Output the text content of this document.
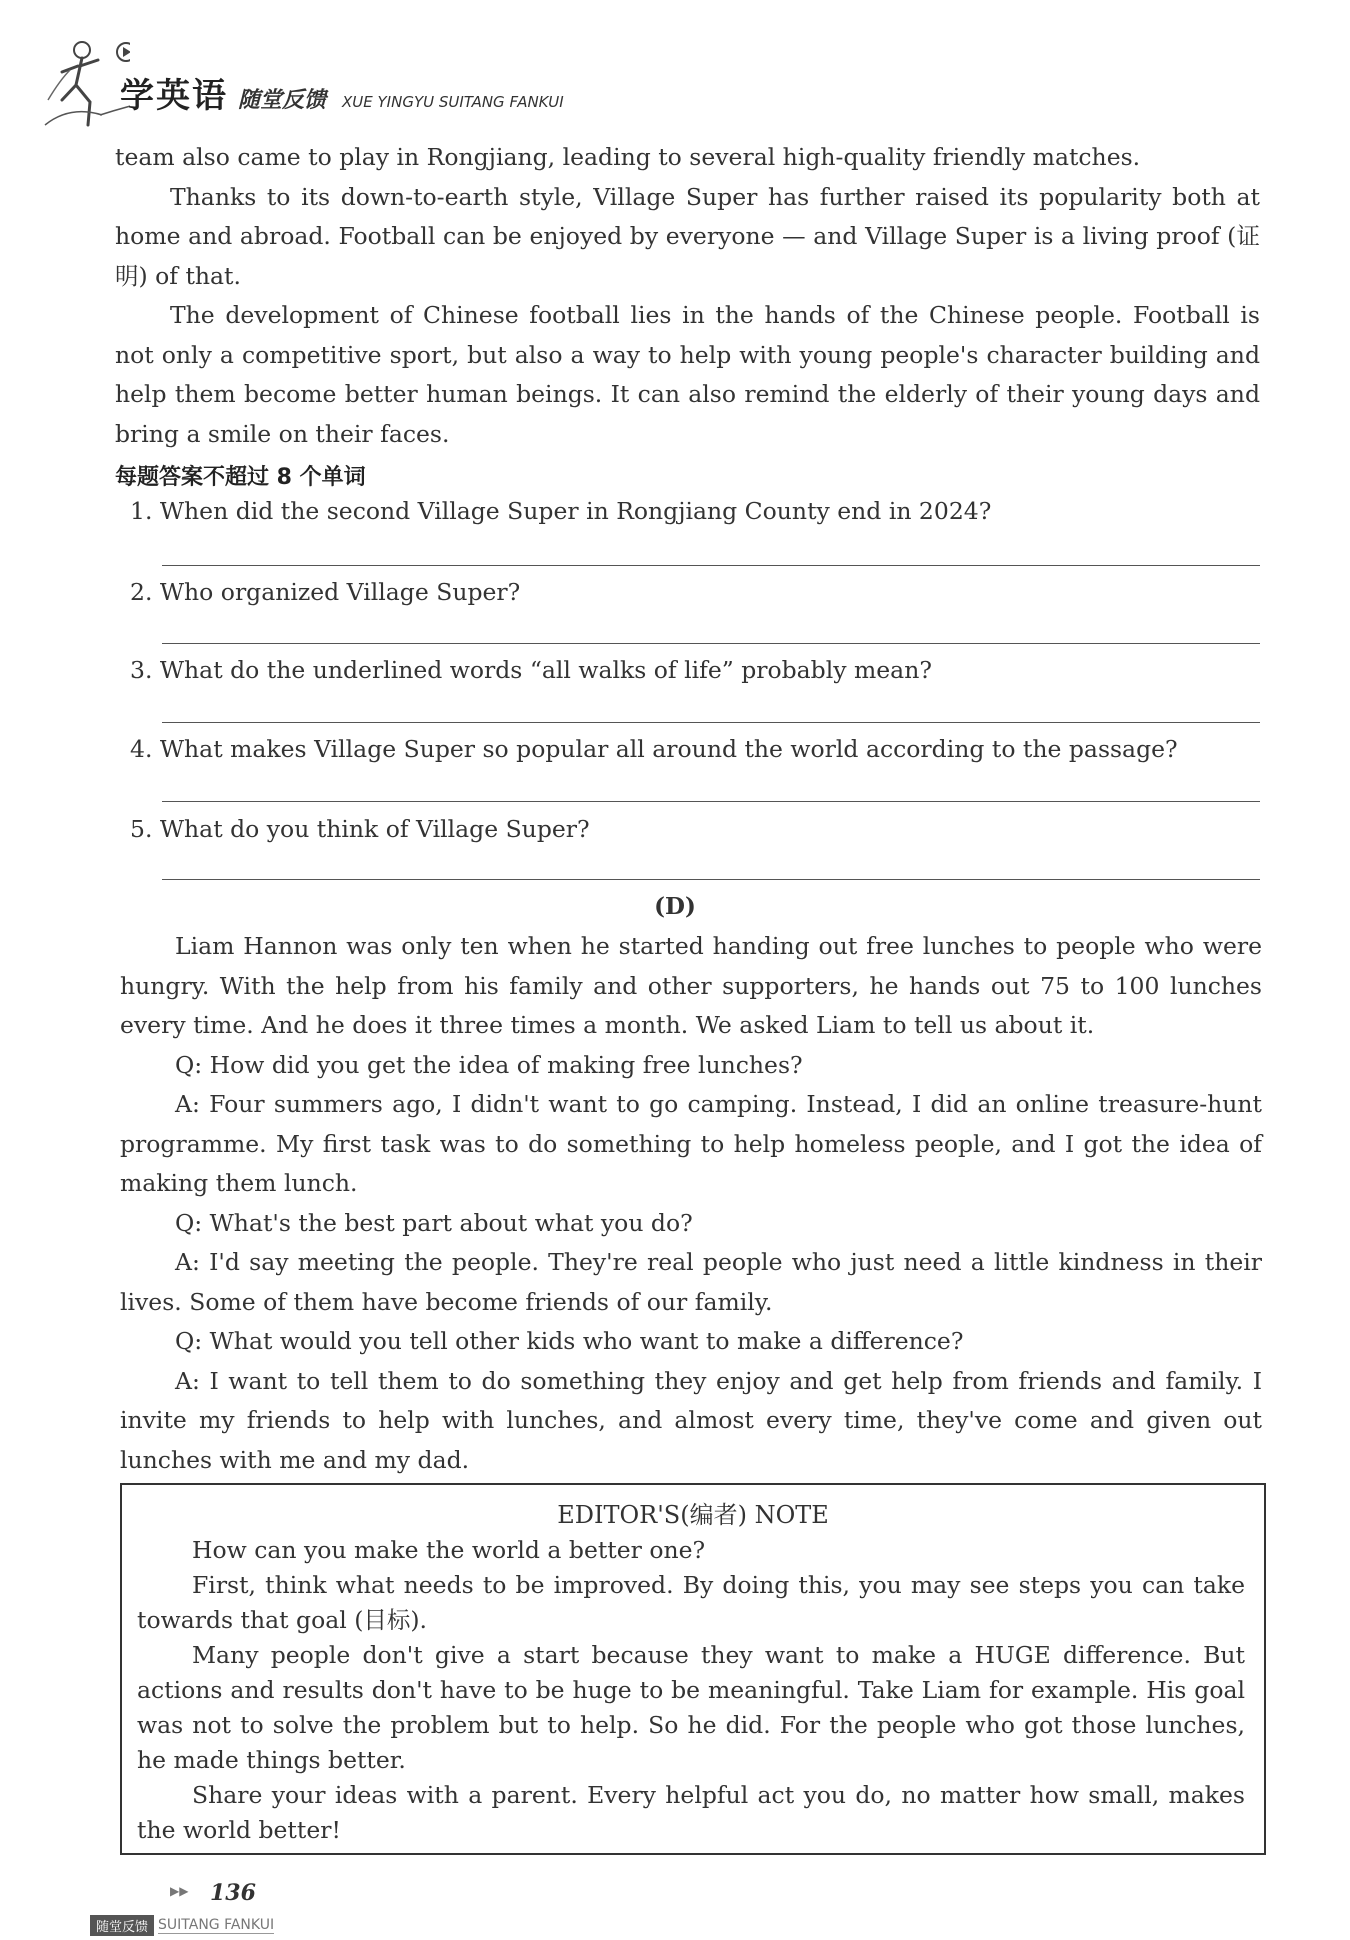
学英语 随堂反馈 XUE YINGYU SUITANG FANKUI

team also came to play in Rongjiang, leading to several high-quality friendly matches.

Thanks to its down-to-earth style, Village Super has further raised its popularity both at home and abroad. Football can be enjoyed by everyone — and Village Super is a living proof (证明) of that.

The development of Chinese football lies in the hands of the Chinese people. Football is not only a competitive sport, but also a way to help with young people's character building and help them become better human beings. It can also remind the elderly of their young days and bring a smile on their faces.

每题答案不超过 8 个单词
1. When did the second Village Super in Rongjiang County end in 2024?
2. Who organized Village Super?
3. What do the underlined words “all walks of life” probably mean?
4. What makes Village Super so popular all around the world according to the passage?
5. What do you think of Village Super?
(D)

Liam Hannon was only ten when he started handing out free lunches to people who were hungry. With the help from his family and other supporters, he hands out 75 to 100 lunches every time. And he does it three times a month. We asked Liam to tell us about it.

Q: How did you get the idea of making free lunches?

A: Four summers ago, I didn't want to go camping. Instead, I did an online treasure-hunt programme. My first task was to do something to help homeless people, and I got the idea of making them lunch.

Q: What's the best part about what you do?

A: I'd say meeting the people. They're real people who just need a little kindness in their lives. Some of them have become friends of our family.

Q: What would you tell other kids who want to make a difference?

A: I want to tell them to do something they enjoy and get help from friends and family. I invite my friends to help with lunches, and almost every time, they've come and given out lunches with me and my dad.

EDITOR'S(编者) NOTE

How can you make the world a better one?

First, think what needs to be improved. By doing this, you may see steps you can take towards that goal (目标).

Many people don't give a start because they want to make a HUGE difference. But actions and results don't have to be huge to be meaningful. Take Liam for example. His goal was not to solve the problem but to help. So he did. For the people who got those lunches, he made things better.

Share your ideas with a parent. Every helpful act you do, no matter how small, makes the world better!

▶▶ 136
随堂反馈 SUITANG FANKUI
